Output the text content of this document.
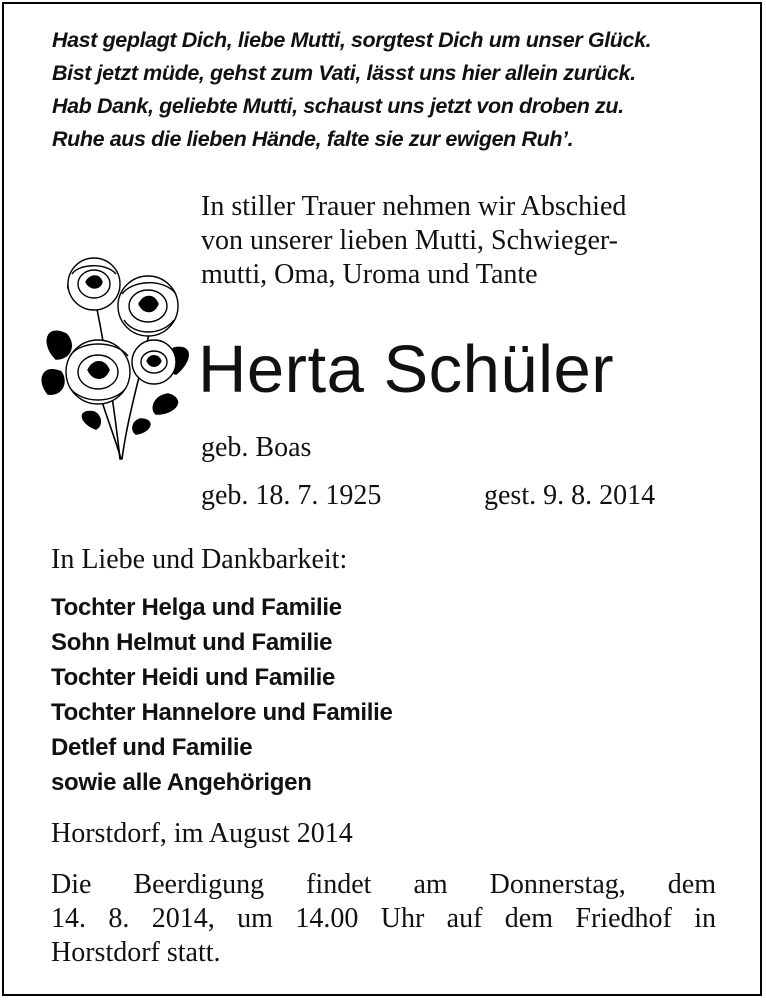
Hast geplagt Dich, liebe Mutti, sorgtest Dich um unser Glück.
Bist jetzt müde, gehst zum Vati, lässt uns hier allein zurück.
Hab Dank, geliebte Mutti, schaust uns jetzt von droben zu.
Ruhe aus die lieben Hände, falte sie zur ewigen Ruh’.
In stiller Trauer nehmen wir Abschied
von unserer lieben Mutti, Schwieger-
mutti, Oma, Uroma und Tante
Herta Schüler
geb. Boas
geb. 18. 7. 1925	gest. 9. 8. 2014
In Liebe und Dankbarkeit:
Tochter Helga und Familie
Sohn Helmut und Familie
Tochter Heidi und Familie
Tochter Hannelore und Familie
Detlef und Familie
sowie alle Angehörigen
Horstdorf, im August 2014
Die Beerdigung findet am Donnerstag, dem
14. 8. 2014, um 14.00 Uhr auf dem Friedhof in
Horstdorf statt.
